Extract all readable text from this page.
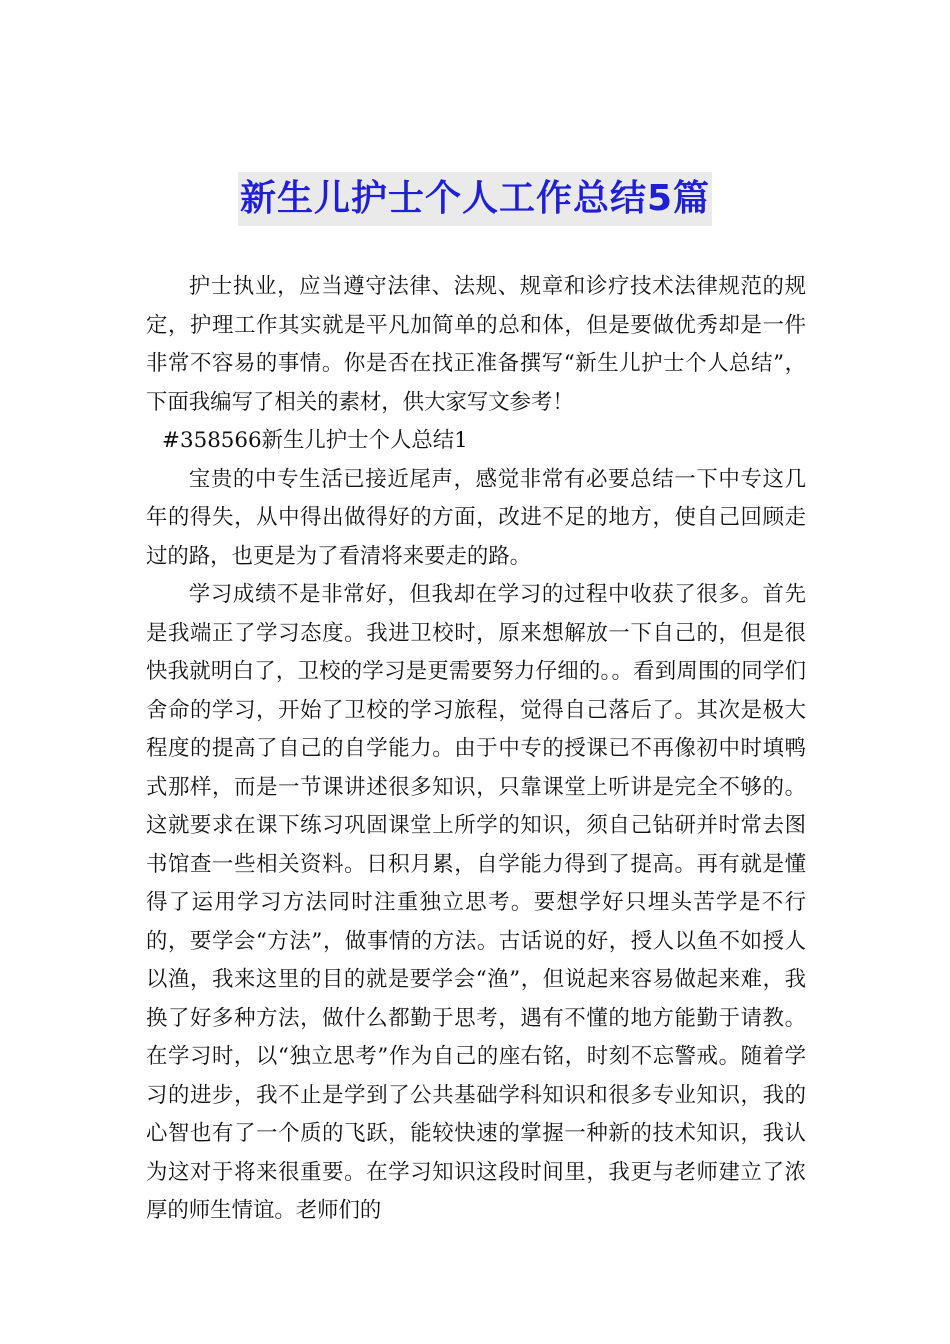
新生儿护士个人工作总结5篇

护士执业，应当遵守法律、法规、规章和诊疗技术法律规范的规定，护理工作其实就是平凡加简单的总和体，但是要做优秀却是一件非常不容易的事情。你是否在找正准备撰写“新生儿护士个人总结”，下面我编写了相关的素材，供大家写文参考！

#358566新生儿护士个人总结1

宝贵的中专生活已接近尾声，感觉非常有必要总结一下中专这几年的得失，从中得出做得好的方面，改进不足的地方，使自己回顾走过的路，也更是为了看清将来要走的路。

学习成绩不是非常好，但我却在学习的过程中收获了很多。首先是我端正了学习态度。我进卫校时，原来想解放一下自己的，但是很快我就明白了，卫校的学习是更需要努力仔细的。。看到周围的同学们舍命的学习，开始了卫校的学习旅程，觉得自己落后了。其次是极大程度的提高了自己的自学能力。由于中专的授课已不再像初中时填鸭式那样，而是一节课讲述很多知识，只靠课堂上听讲是完全不够的。这就要求在课下练习巩固课堂上所学的知识，须自己钻研并时常去图书馆查一些相关资料。日积月累，自学能力得到了提高。再有就是懂得了运用学习方法同时注重独立思考。要想学好只埋头苦学是不行的，要学会“方法”，做事情的方法。古话说的好，授人以鱼不如授人以渔，我来这里的目的就是要学会“渔”，但说起来容易做起来难，我换了好多种方法，做什么都勤于思考，遇有不懂的地方能勤于请教。在学习时，以“独立思考”作为自己的座右铭，时刻不忘警戒。随着学习的进步，我不止是学到了公共基础学科知识和很多专业知识，我的心智也有了一个质的飞跃，能较快速的掌握一种新的技术知识，我认为这对于将来很重要。在学习知识这段时间里，我更与老师建立了浓厚的师生情谊。老师们的
